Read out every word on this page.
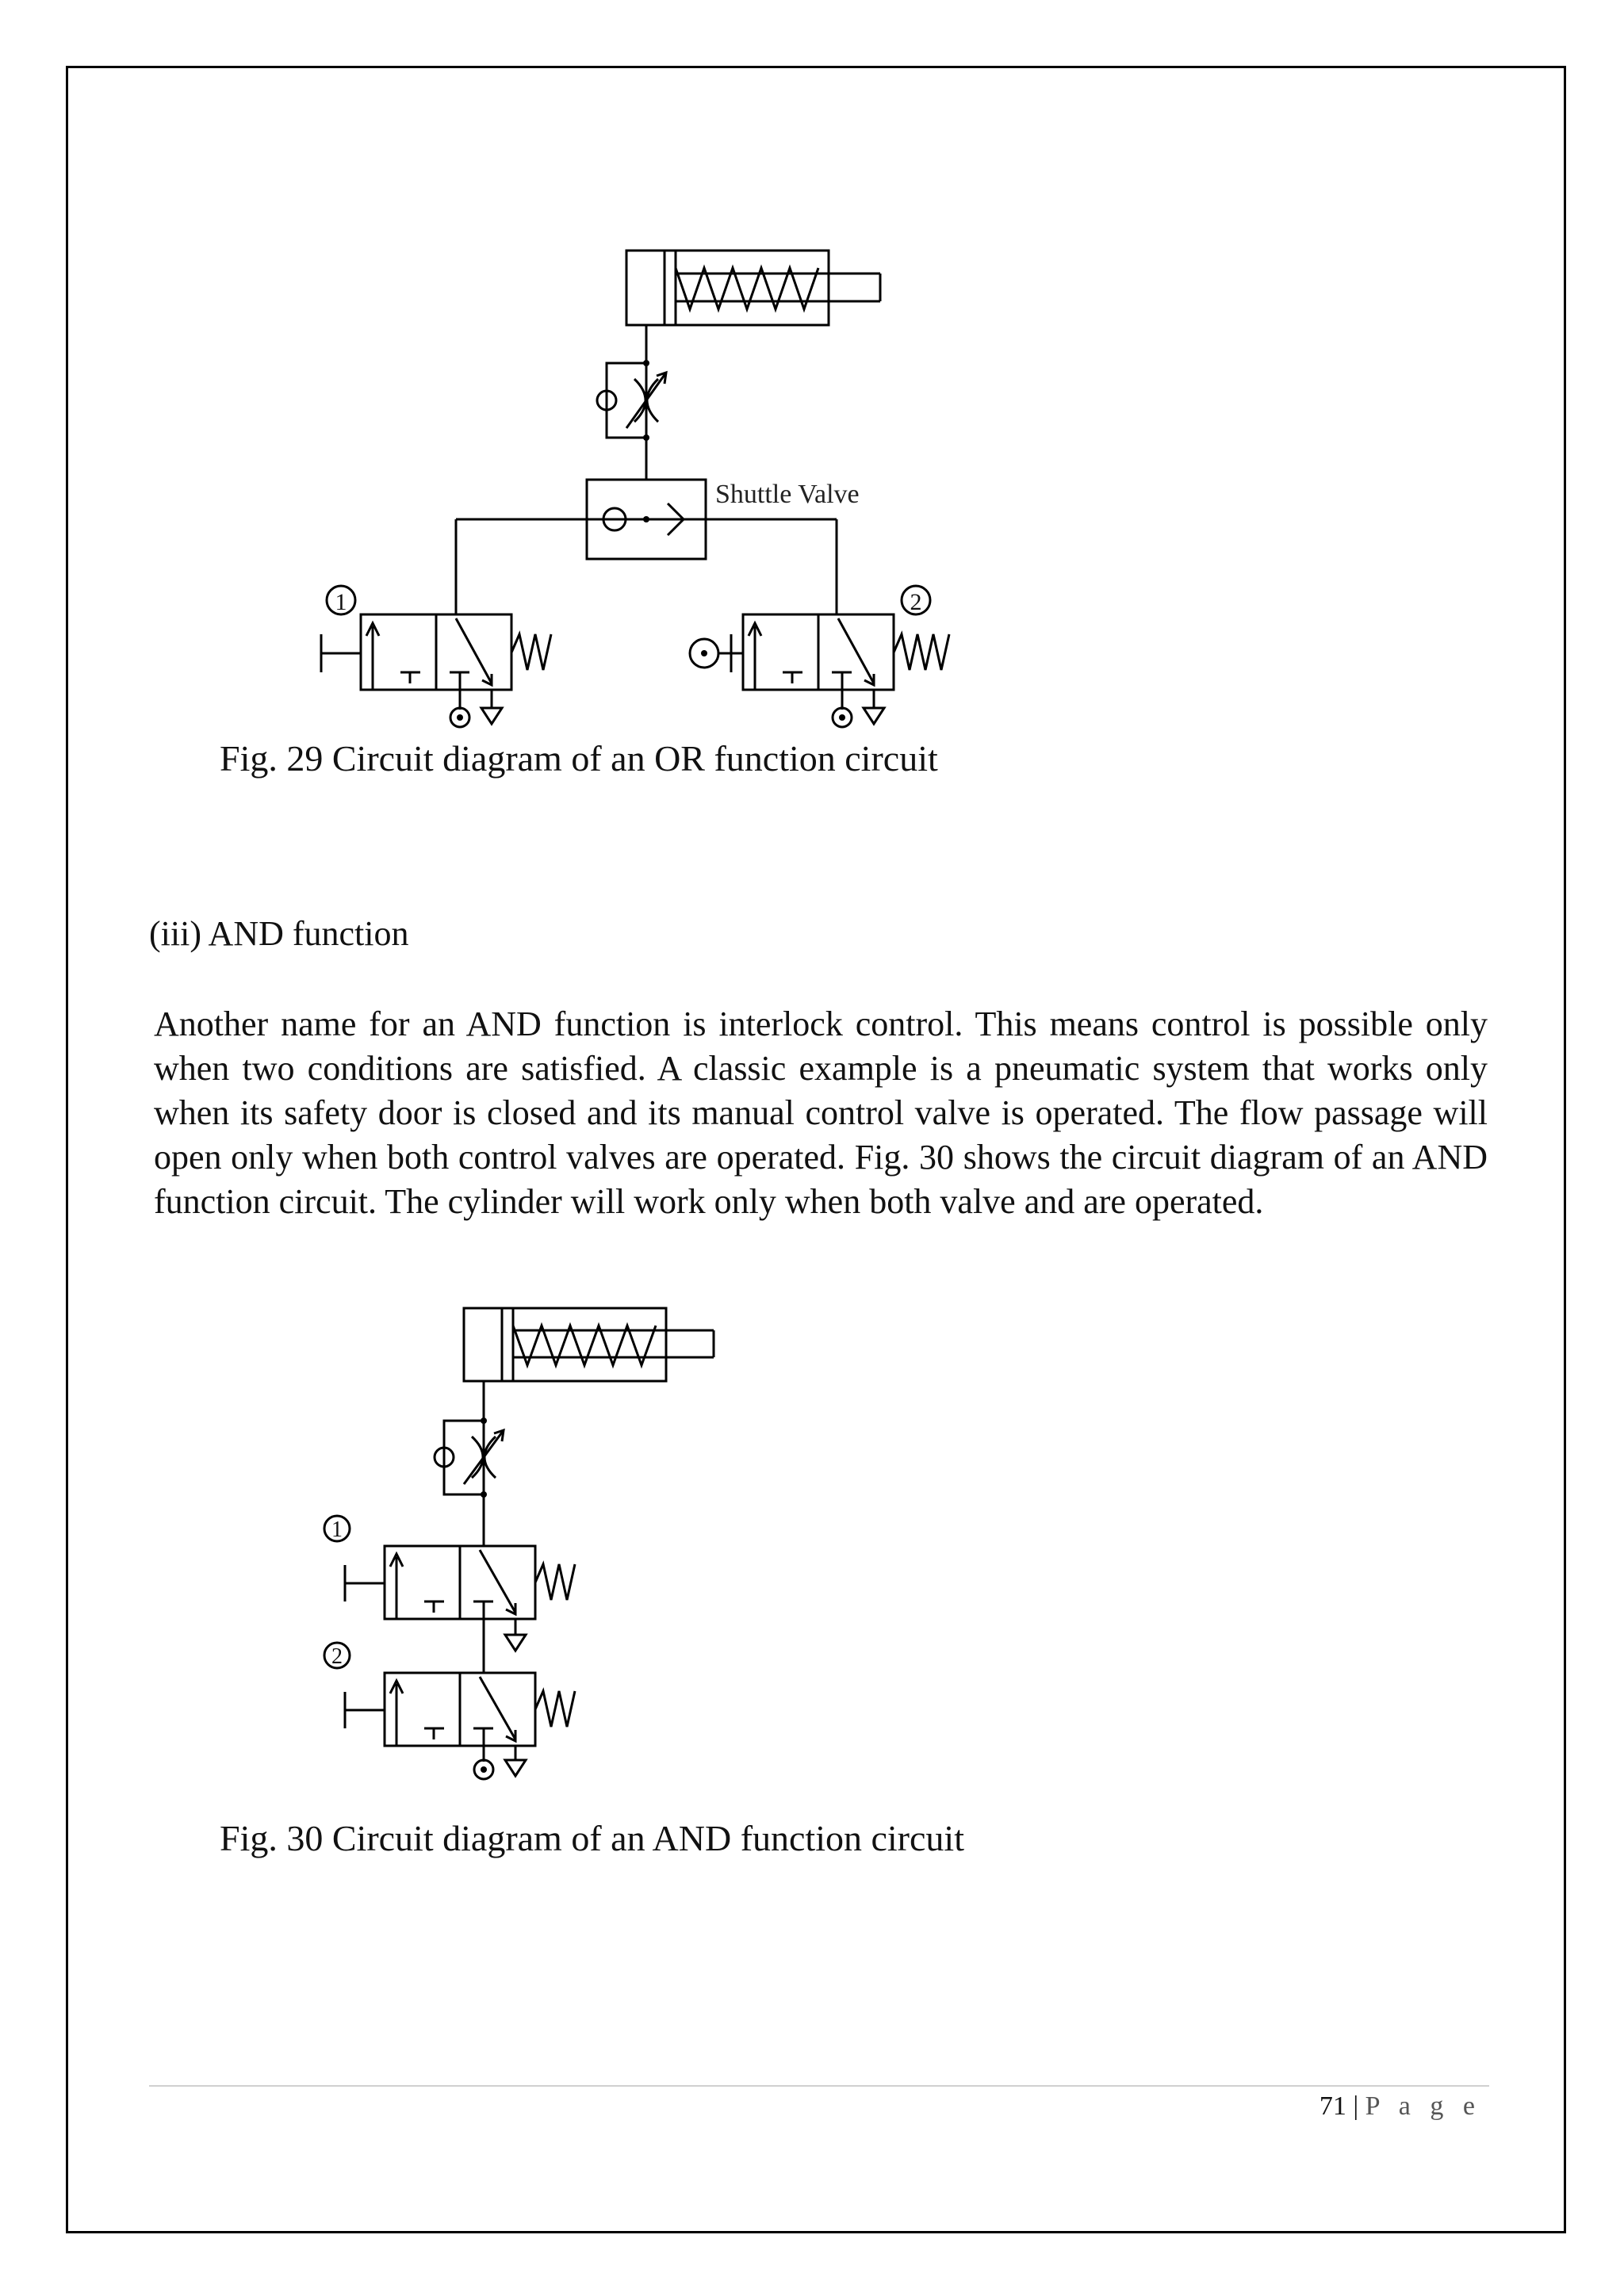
Shuttle Valve
1	2
Fig. 29 Circuit diagram of an OR function circuit
(iii) AND function

Another name for an AND function is interlock control. This means control is possible only when two conditions are satisfied. A classic example is a pneumatic system that works only when its safety door is closed and its manual control valve is operated. The flow passage will open only when both control valves are operated. Fig. 30 shows the circuit diagram of an AND function circuit. The cylinder will work only when both valve and are operated.

1
2
Fig. 30 Circuit diagram of an AND function circuit
71 | P a g e
